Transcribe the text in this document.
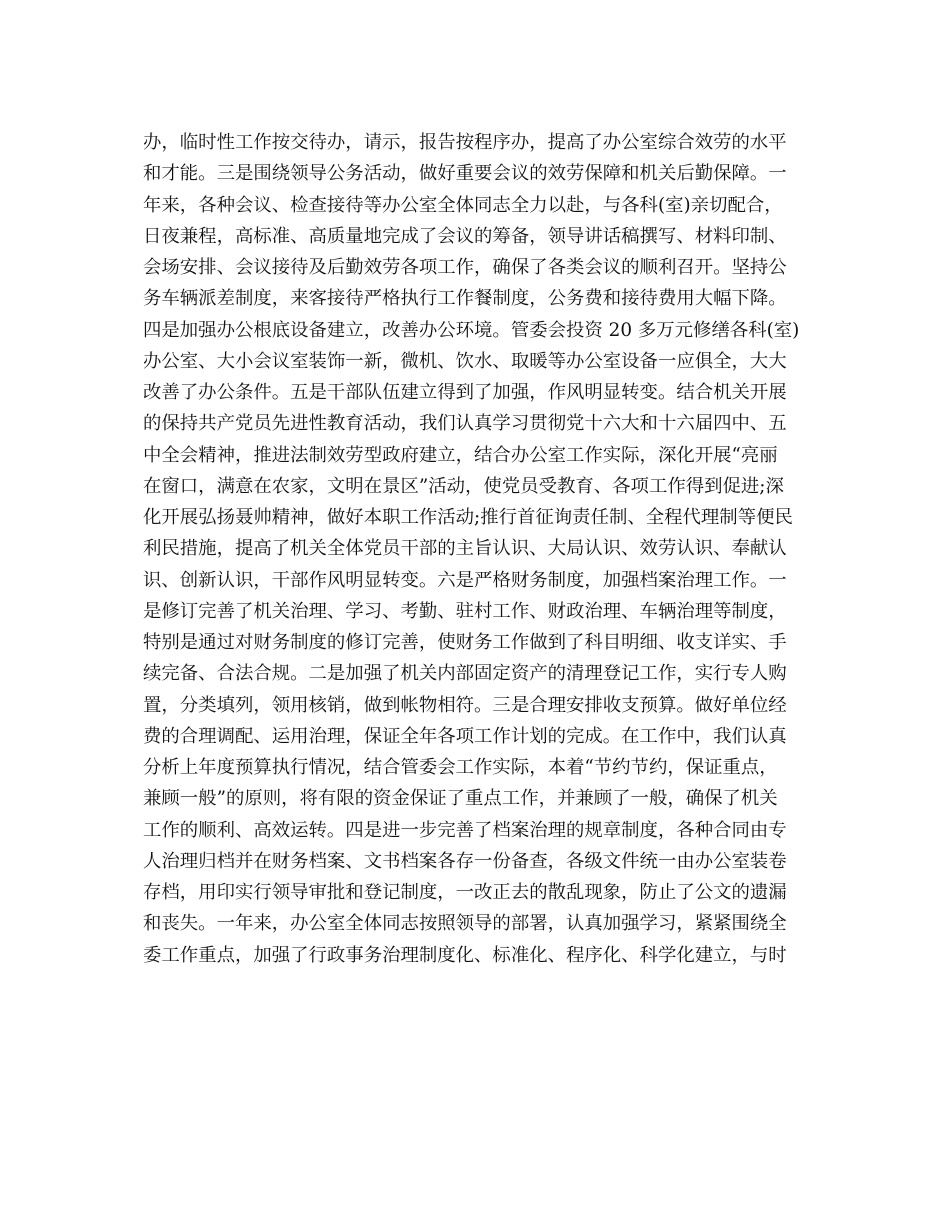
办，临时性工作按交待办，请示，报告按程序办，提高了办公室综合效劳的水平
和才能。三是围绕领导公务活动，做好重要会议的效劳保障和机关后勤保障。一
年来，各种会议、检查接待等办公室全体同志全力以赴，与各科(室)亲切配合，
日夜兼程，高标准、高质量地完成了会议的筹备，领导讲话稿撰写、材料印制、
会场安排、会议接待及后勤效劳各项工作，确保了各类会议的顺利召开。坚持公
务车辆派差制度，来客接待严格执行工作餐制度，公务费和接待费用大幅下降。
四是加强办公根底设备建立，改善办公环境。管委会投资 20 多万元修缮各科(室)
办公室、大小会议室装饰一新，微机、饮水、取暖等办公室设备一应俱全，大大
改善了办公条件。五是干部队伍建立得到了加强，作风明显转变。结合机关开展
的保持共产党员先进性教育活动，我们认真学习贯彻党十六大和十六届四中、五
中全会精神，推进法制效劳型政府建立，结合办公室工作实际，深化开展“亮丽
在窗口，满意在农家，文明在景区”活动，使党员受教育、各项工作得到促进;深
化开展弘扬聂帅精神，做好本职工作活动;推行首征询责任制、全程代理制等便民
利民措施，提高了机关全体党员干部的主旨认识、大局认识、效劳认识、奉献认
识、创新认识，干部作风明显转变。六是严格财务制度，加强档案治理工作。一
是修订完善了机关治理、学习、考勤、驻村工作、财政治理、车辆治理等制度，
特别是通过对财务制度的修订完善，使财务工作做到了科目明细、收支详实、手
续完备、合法合规。二是加强了机关内部固定资产的清理登记工作，实行专人购
置，分类填列，领用核销，做到帐物相符。三是合理安排收支预算。做好单位经
费的合理调配、运用治理，保证全年各项工作计划的完成。在工作中，我们认真
分析上年度预算执行情况，结合管委会工作实际，本着“节约节约，保证重点，
兼顾一般”的原则，将有限的资金保证了重点工作，并兼顾了一般，确保了机关
工作的顺利、高效运转。四是进一步完善了档案治理的规章制度，各种合同由专
人治理归档并在财务档案、文书档案各存一份备查，各级文件统一由办公室装卷
存档，用印实行领导审批和登记制度，一改正去的散乱现象，防止了公文的遗漏
和丧失。一年来，办公室全体同志按照领导的部署，认真加强学习，紧紧围绕全
委工作重点，加强了行政事务治理制度化、标准化、程序化、科学化建立，与时
